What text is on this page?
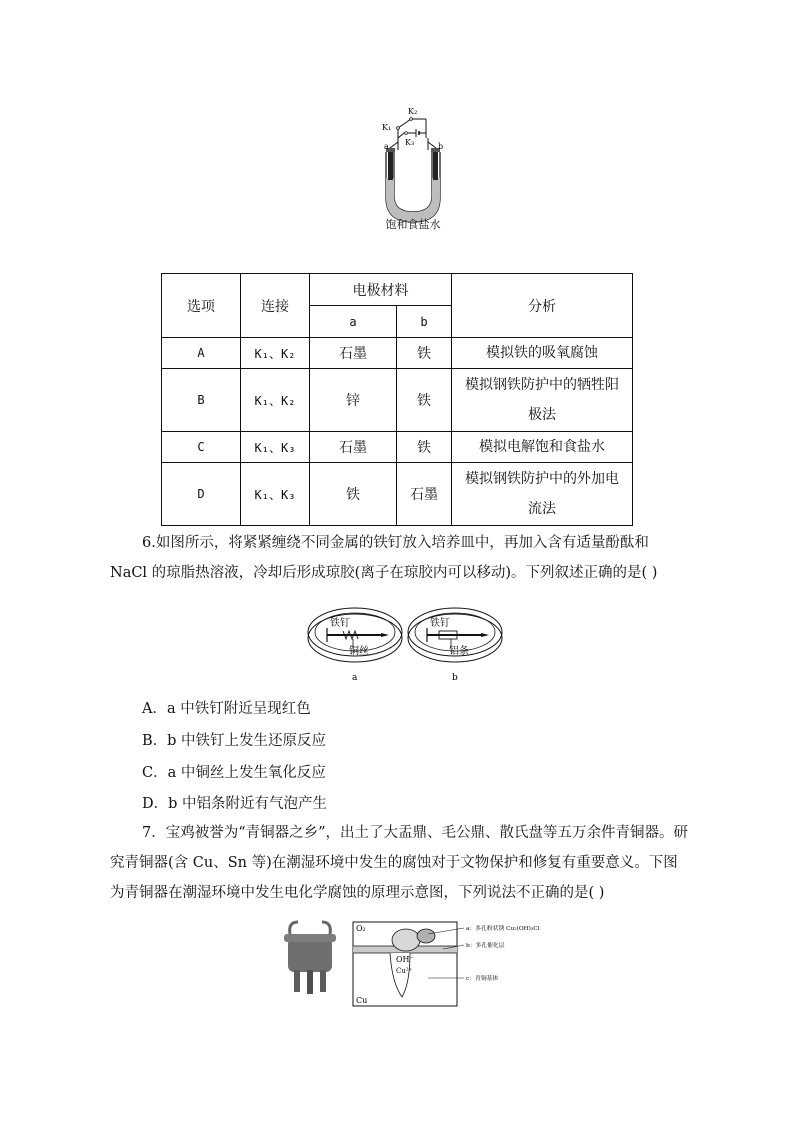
K₂
K₁
K₃
a	b
饱和食盐水
选项	连接	电极材料		分析
		a	b	
A	K₁、K₂	石墨	铁	模拟铁的吸氧腐蚀
B	K₁、K₂	锌	铁	模拟钢铁防护中的牺牲阳
极法
C	K₁、K₃	石墨	铁	模拟电解饱和食盐水
D	K₁、K₃	铁	石墨	模拟钢铁防护中的外加电
流法
6.如图所示，将紧紧缠绕不同金属的铁钉放入培养皿中，再加入含有适量酚酞和 NaCl 的琼脂热溶液，冷却后形成琼胶(离子在琼胶内可以移动)。下列叙述正确的是( )
铁钉	铁钉
铜丝	铝条
a	b
A．a 中铁钉附近呈现红色
B．b 中铁钉上发生还原反应
C．a 中铜丝上发生氧化反应
D．b 中铝条附近有气泡产生
7．宝鸡被誉为“青铜器之乡”，出土了大盂鼎、毛公鼎、散氏盘等五万余件青铜器。研究青铜器(含 Cu、Sn 等)在潮湿环境中发生的腐蚀对于文物保护和修复有重要意义。下图为青铜器在潮湿环境中发生电化学腐蚀的原理示意图，下列说法不正确的是( )
O₂
OH⁻
Cu²⁺
Cu
a：多孔粉状锈 Cu₂(OH)₃Cl
b：多孔催化层
c：青铜基体
